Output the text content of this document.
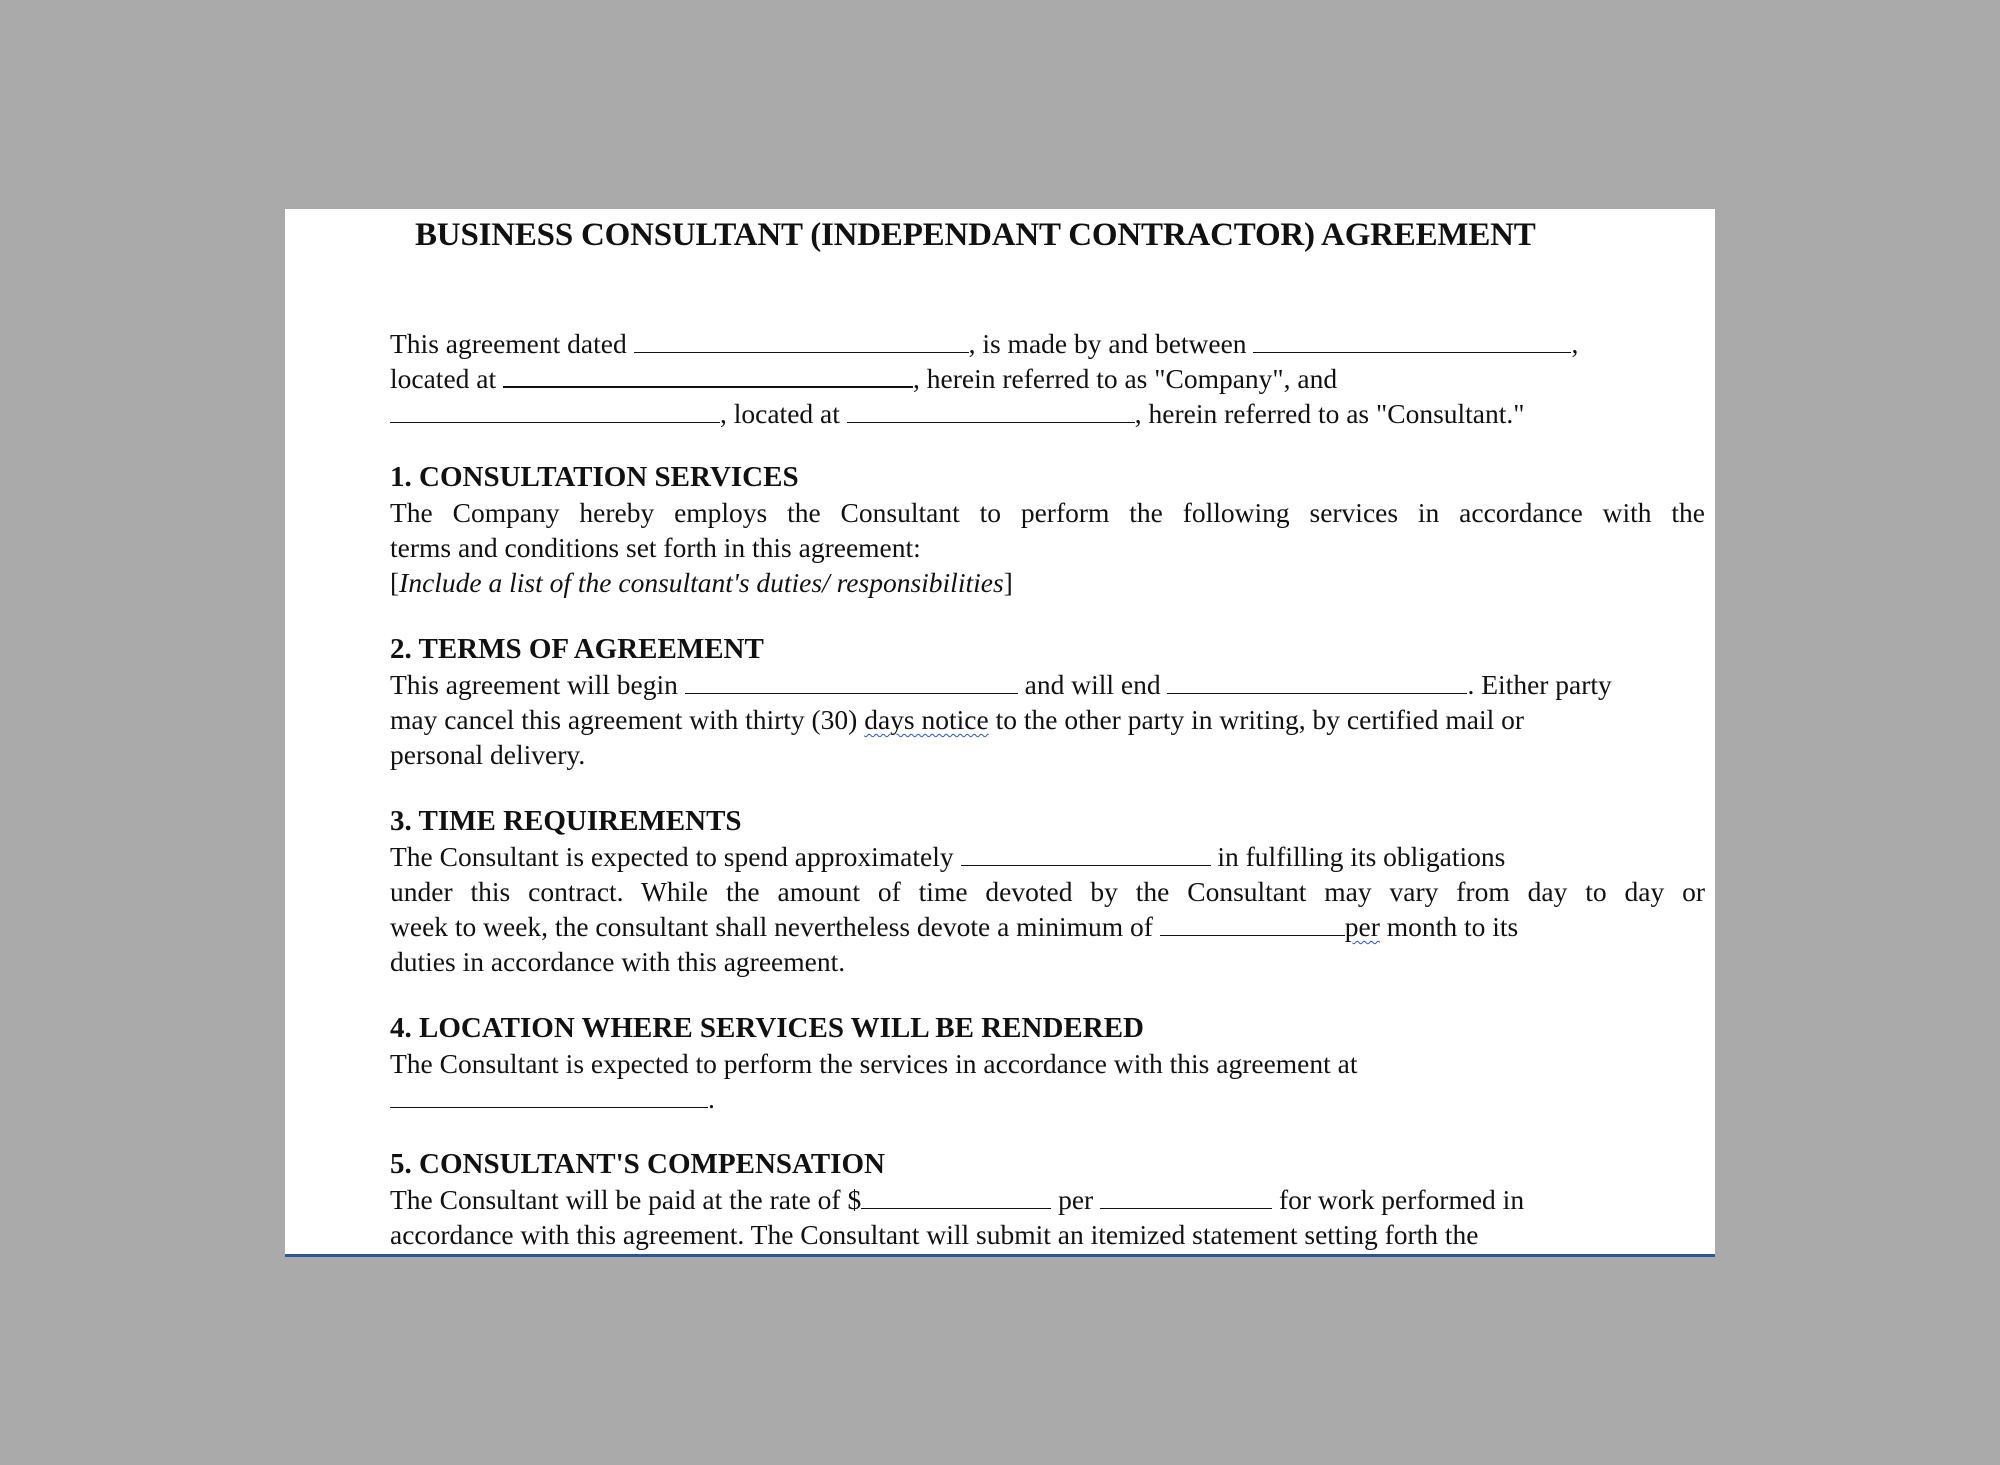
BUSINESS CONSULTANT (INDEPENDANT CONTRACTOR) AGREEMENT
This agreement dated	, is made by and between	,
located at	, herein referred to as "Company", and
, located at	, herein referred to as "Consultant."
1. CONSULTATION SERVICES
The Company hereby employs the Consultant to perform the following services in accordance with the
terms and conditions set forth in this agreement:
[Include a list of the consultant's duties/ responsibilities]
2. TERMS OF AGREEMENT
This agreement will begin	and will end	. Either party
may cancel this agreement with thirty (30) days notice to the other party in writing, by certified mail or
personal delivery.
3. TIME REQUIREMENTS
The Consultant is expected to spend approximately	in fulfilling its obligations
under this contract. While the amount of time devoted by the Consultant may vary from day to day or
week to week, the consultant shall nevertheless devote a minimum of	per month to its
duties in accordance with this agreement.
4. LOCATION WHERE SERVICES WILL BE RENDERED
The Consultant is expected to perform the services in accordance with this agreement at
.
5. CONSULTANT'S COMPENSATION
The Consultant will be paid at the rate of $	per	for work performed in
accordance with this agreement. The Consultant will submit an itemized statement setting forth the
